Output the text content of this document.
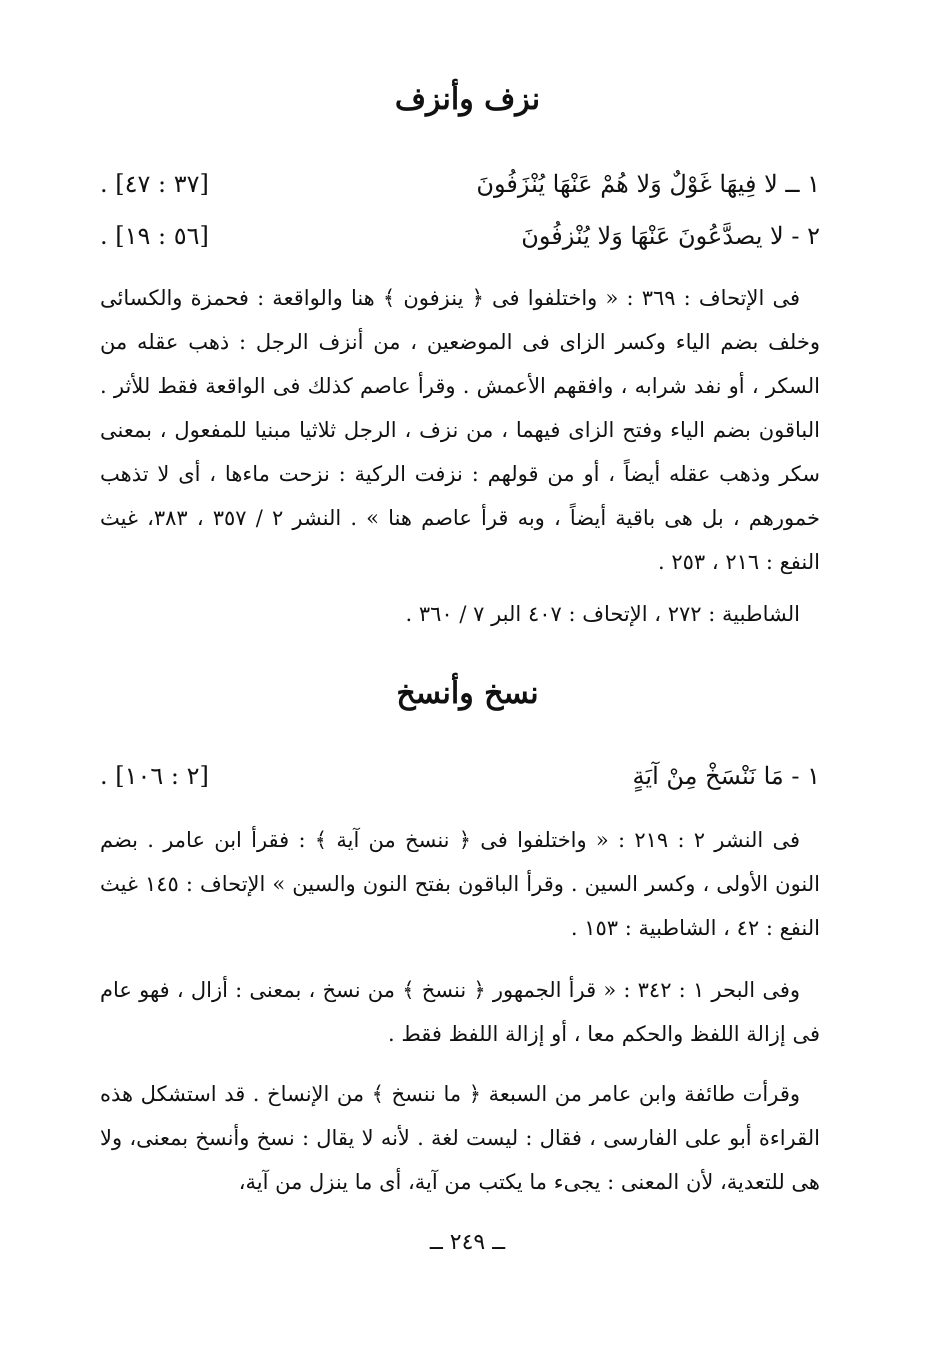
نزف وأنزف
١ ــ لا فِيهَا غَوْلٌ وَلا هُمْ عَنْهَا يُنْزَفُونَ
[٣٧ : ٤٧] .
٢ - لا يصدَّعُونَ عَنْهَا وَلا يُنْزفُونَ
[٥٦ : ١٩] .

فى الإتحاف : ٣٦٩ : « واختلفوا فى ﴿ ينزفون ﴾ هنا والواقعة : فحمزة والكسائى وخلف بضم الياء وكسر الزاى فى الموضعين ، من أنزف الرجل : ذهب عقله من السكر ، أو نفد شرابه ، وافقهم الأعمش . وقرأ عاصم كذلك فى الواقعة فقط للأثر . الباقون بضم الياء وفتح الزاى فيهما ، من نزف ، الرجل ثلاثيا مبنيا للمفعول ، بمعنى سكر وذهب عقله أيضاً ، أو من قولهم : نزفت الركية : نزحت ماءها ، أى لا تذهب خمورهم ، بل هى باقية أيضاً ، وبه قرأ عاصم هنا » . النشر ٢ / ٣٥٧ ، ٣٨٣، غيث النفع : ٢١٦ ، ٢٥٣ .

الشاطبية : ٢٧٢ ، الإتحاف : ٤٠٧ البر ٧ / ٣٦٠ .

نسخ وأنسخ
١ - مَا نَنْسَخْ مِنْ آيَةٍ
[٢ : ١٠٦] .

فى النشر ٢ : ٢١٩ : « واختلفوا فى ﴿ ننسخ من آية ﴾ : فقرأ ابن عامر . بضم النون الأولى ، وكسر السين . وقرأ الباقون بفتح النون والسين » الإتحاف : ١٤٥ غيث النفع : ٤٢ ، الشاطبية : ١٥٣ .

وفى البحر ١ : ٣٤٢ : « قرأ الجمهور ﴿ ننسخ ﴾ من نسخ ، بمعنى : أزال ، فهو عام فى إزالة اللفظ والحكم معا ، أو إزالة اللفظ فقط .

وقرأت طائفة وابن عامر من السبعة ﴿ ما ننسخ ﴾ من الإنساخ . قد استشكل هذه القراءة أبو على الفارسى ، فقال : ليست لغة . لأنه لا يقال : نسخ وأنسخ بمعنى، ولا هى للتعدية، لأن المعنى : يجىء ما يكتب من آية، أى ما ينزل من آية،

ــ ٢٤٩ ــ
